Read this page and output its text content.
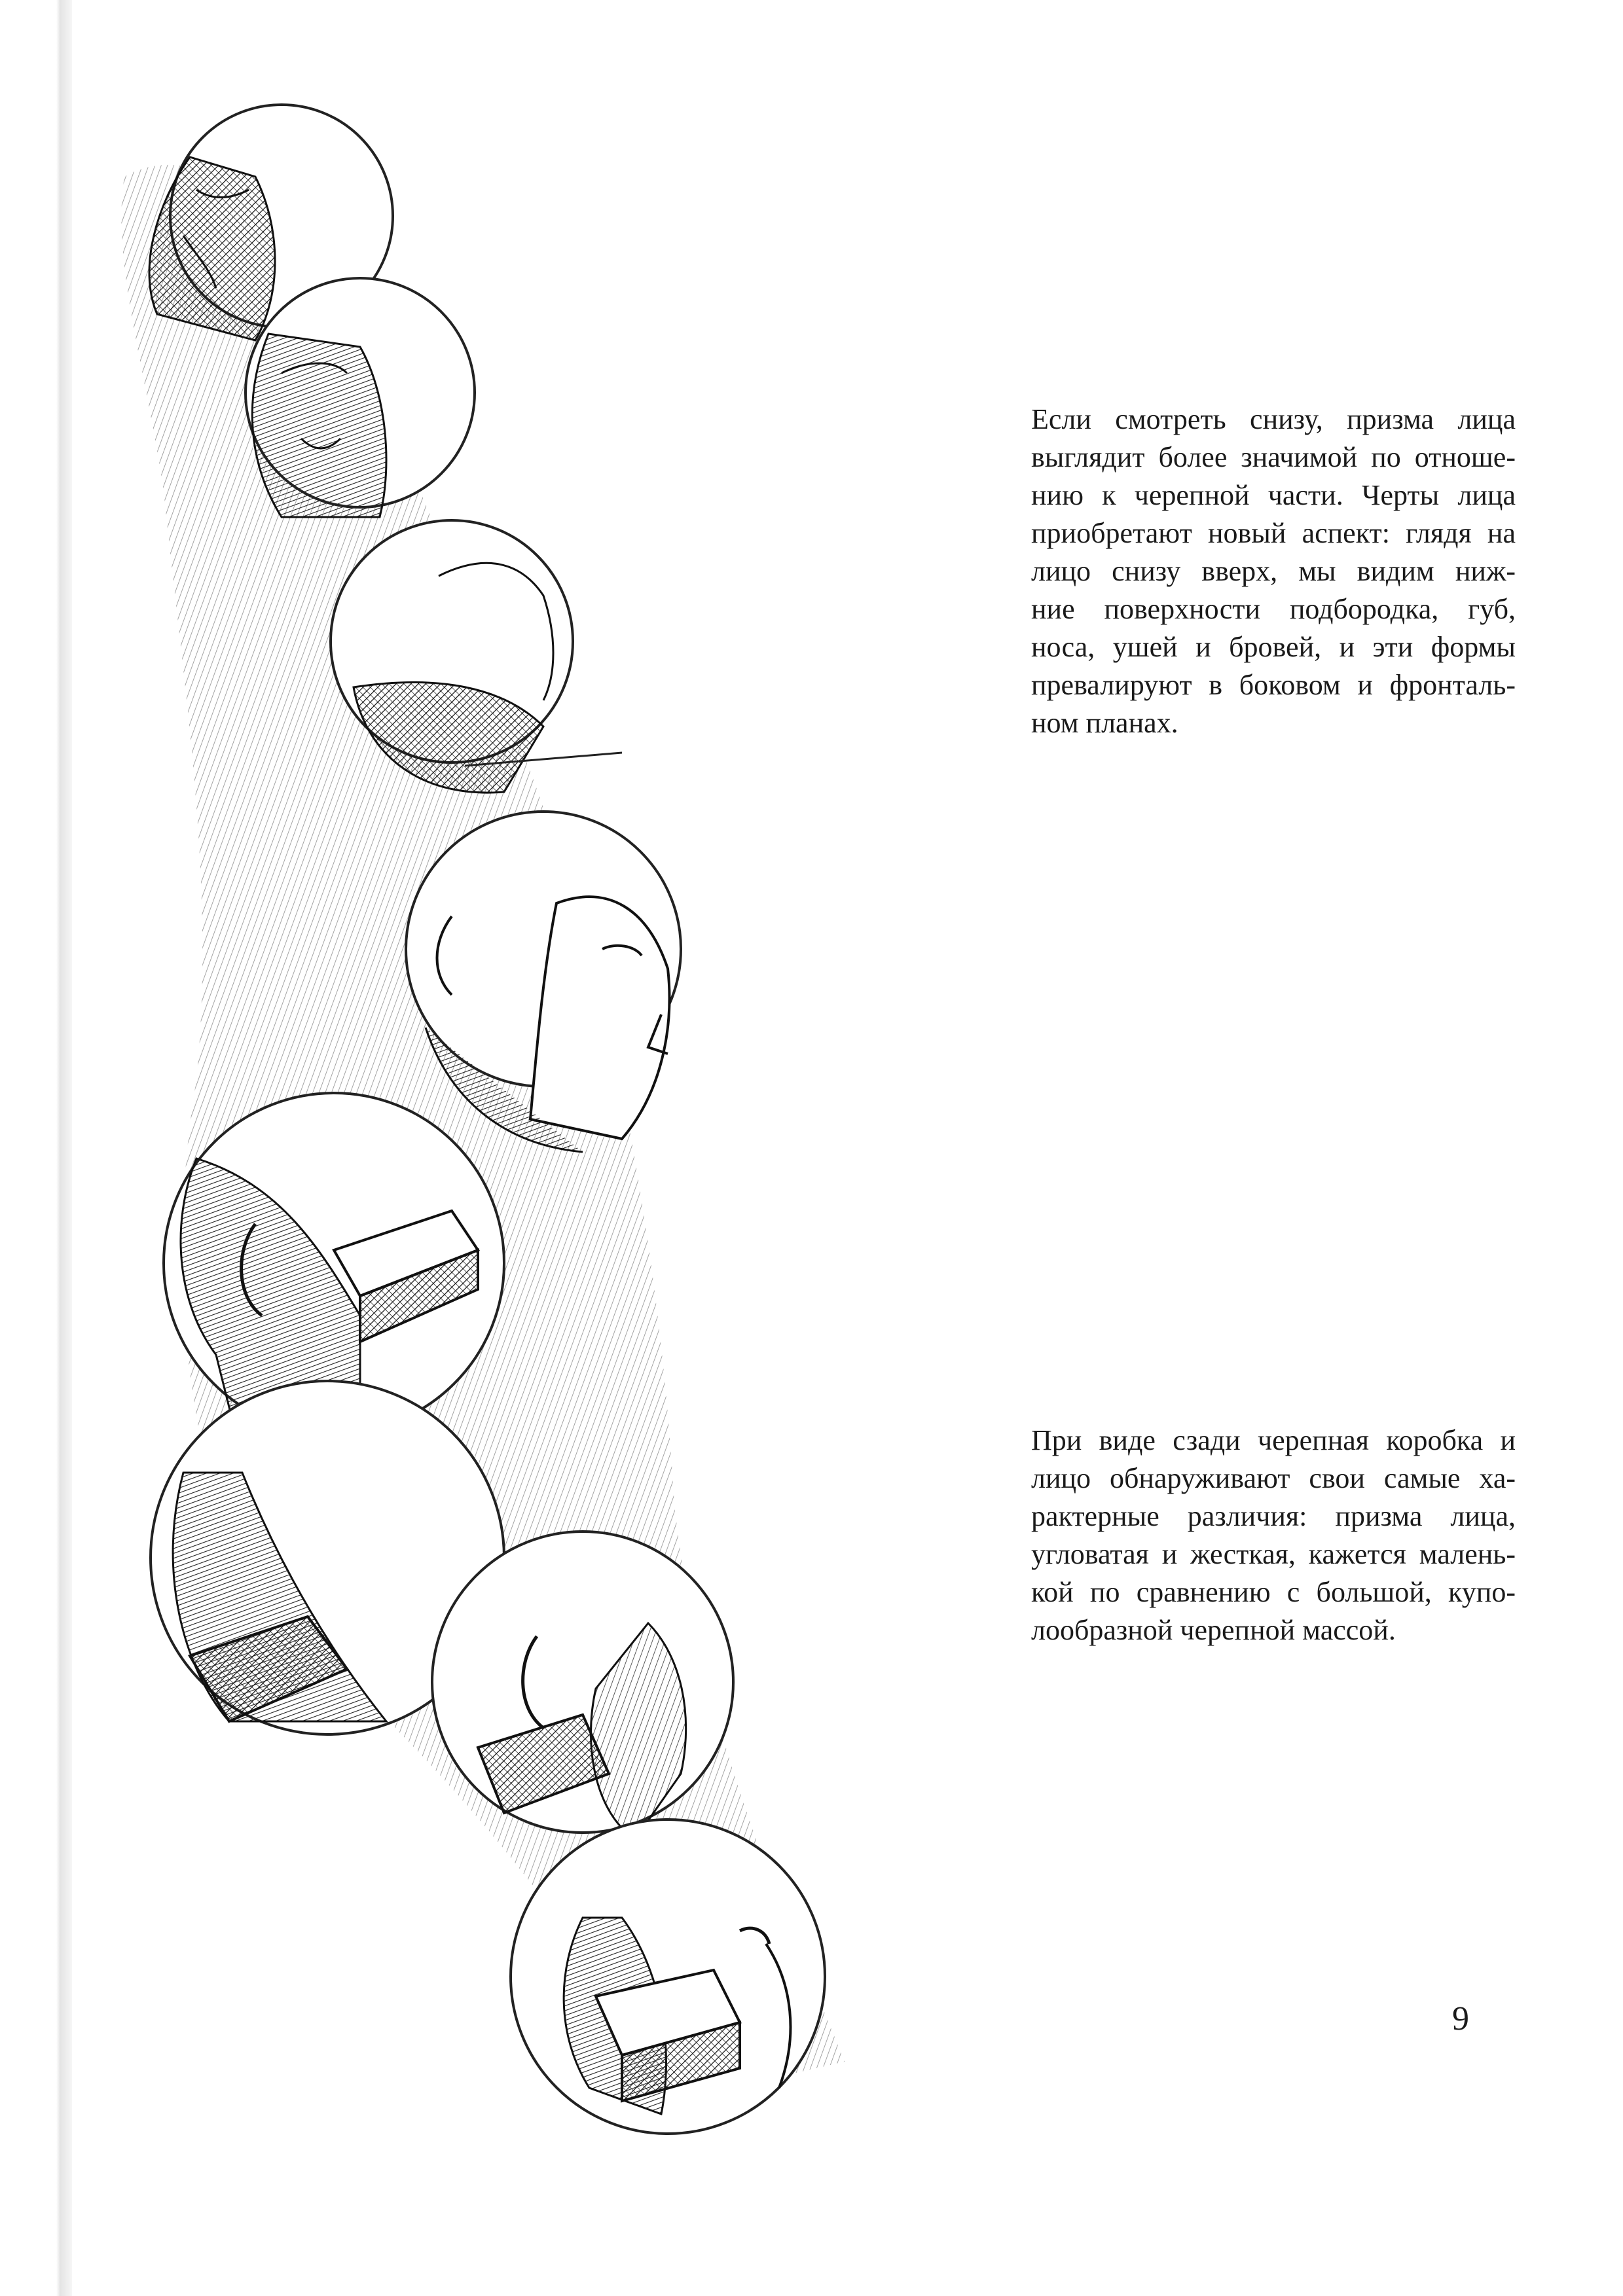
Если смотреть снизу, призма лица
выглядит более значимой по отноше-
нию к черепной части. Черты лица
приобретают новый аспект: глядя на
лицо снизу вверх, мы видим ниж-
ние поверхности подбородка, губ,
носа, ушей и бровей, и эти формы
превалируют в боковом и фронталь-
ном планах.
При виде сзади черепная коробка и
лицо обнаруживают свои самые ха-
рактерные различия: призма лица,
угловатая и жесткая, кажется малень-
кой по сравнению с большой, купо-
лообразной черепной массой.
9
